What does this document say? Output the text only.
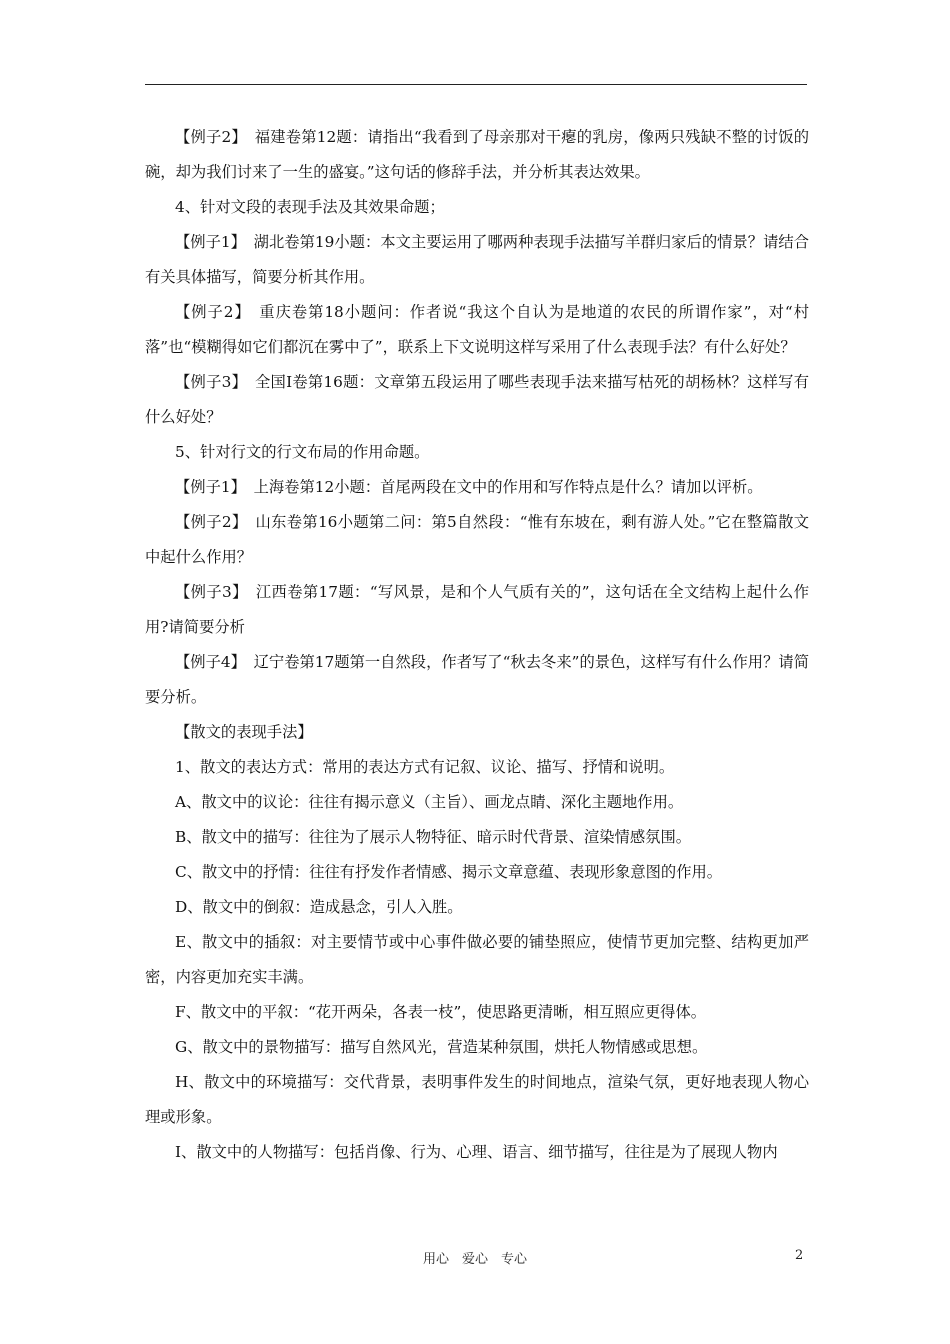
【例子2】　福建卷第12题：请指出“我看到了母亲那对干瘪的乳房，像两只残缺不整的讨饭的碗，却为我们讨来了一生的盛宴。”这句话的修辞手法，并分析其表达效果。

4、针对文段的表现手法及其效果命题；

【例子1】　湖北卷第19小题：本文主要运用了哪两种表现手法描写羊群归家后的情景？请结合有关具体描写，简要分析其作用。

【例子2】　重庆卷第18小题问：作者说“我这个自认为是地道的农民的所谓作家”，对“村落”也“模糊得如它们都沉在雾中了”，联系上下文说明这样写采用了什么表现手法？有什么好处？

【例子3】　全国Ⅰ卷第16题：文章第五段运用了哪些表现手法来描写枯死的胡杨林？这样写有什么好处？

5、针对行文的行文布局的作用命题。

【例子1】　上海卷第12小题：首尾两段在文中的作用和写作特点是什么？请加以评析。

【例子2】　山东卷第16小题第二问：第5自然段：“惟有东坡在，剩有游人处。”它在整篇散文中起什么作用？

【例子3】　江西卷第17题：“写风景，是和个人气质有关的”，这句话在全文结构上起什么作用?请简要分析

【例子4】　辽宁卷第17题第一自然段，作者写了“秋去冬来”的景色，这样写有什么作用？请简要分析。

【散文的表现手法】

1、散文的表达方式：常用的表达方式有记叙、议论、描写、抒情和说明。

A、散文中的议论：往往有揭示意义（主旨）、画龙点睛、深化主题地作用。

B、散文中的描写：往往为了展示人物特征、暗示时代背景、渲染情感氛围。

C、散文中的抒情：往往有抒发作者情感、揭示文章意蕴、表现形象意图的作用。

D、散文中的倒叙：造成悬念，引人入胜。

E、散文中的插叙：对主要情节或中心事件做必要的铺垫照应，使情节更加完整、结构更加严密，内容更加充实丰满。

F、散文中的平叙：“花开两朵，各表一枝”，使思路更清晰，相互照应更得体。

G、散文中的景物描写：描写自然风光，营造某种氛围，烘托人物情感或思想。

H、散文中的环境描写：交代背景，表明事件发生的时间地点，渲染气氛，更好地表现人物心理或形象。

I、散文中的人物描写：包括肖像、行为、心理、语言、细节描写，往往是为了展现人物内

用心　爱心　专心	2
